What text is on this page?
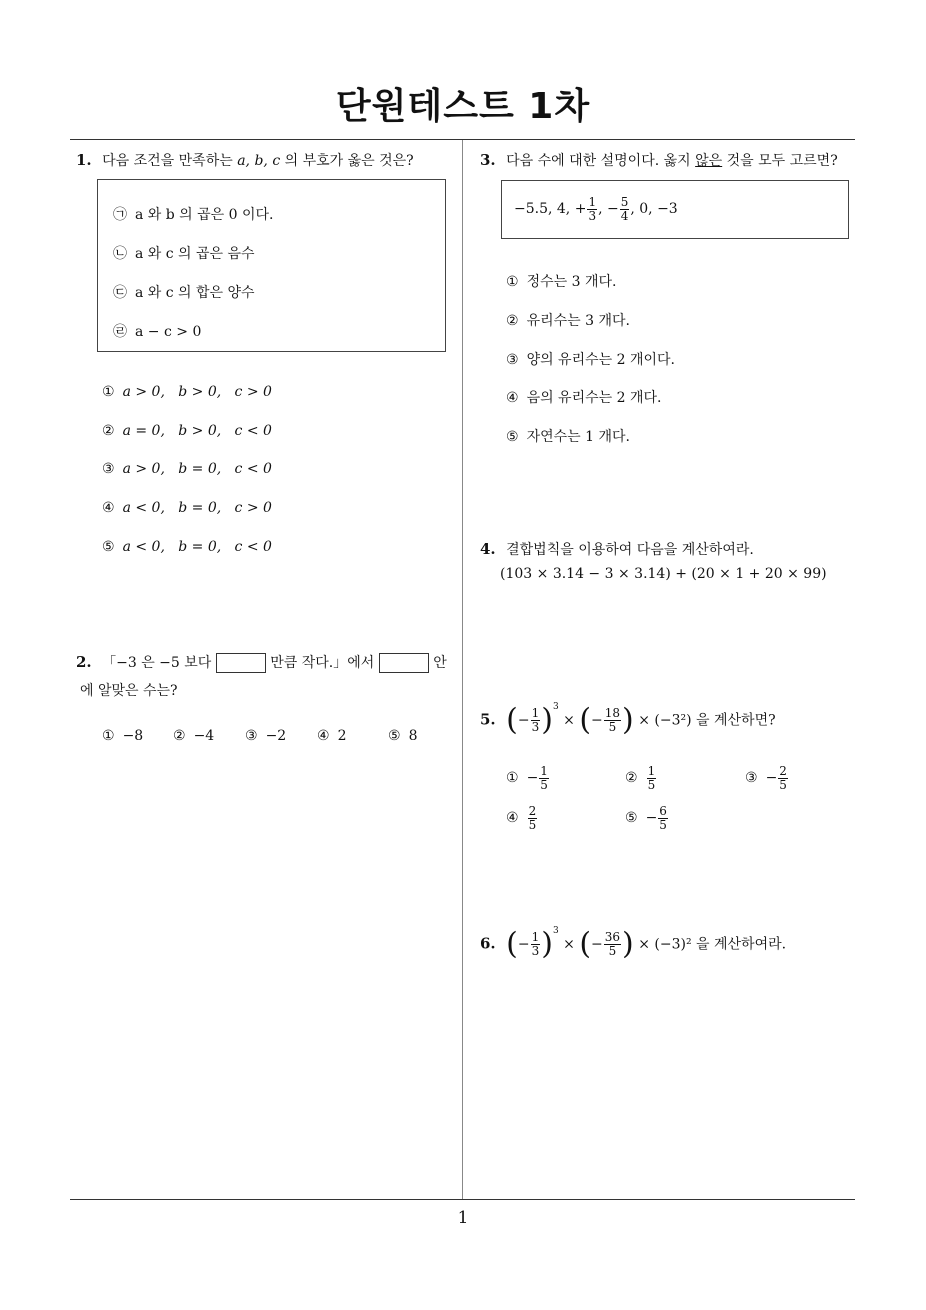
단원테스트 1차
1
1. 다음 조건을 만족하는 a, b, c 의 부호가 옳은 것은?
㉠ a 와 b 의 곱은 0 이다.
㉡ a 와 c 의 곱은 음수
㉢ a 와 c 의 합은 양수
㉣ a − c > 0
① a > 0,   b > 0,   c > 0
② a = 0,   b > 0,   c < 0
③ a > 0,   b = 0,   c < 0
④ a < 0,   b = 0,   c > 0
⑤ a < 0,   b = 0,   c < 0
2. 「−3 은 −5 보다	만큼 작다.」에서	안
에 알맞은 수는?
① −8 ② −4 ③ −2 ④ 2	⑤ 8
3. 다음 수에 대한 설명이다. 옳지 않은 것을 모두 고르면?
−5.5, 4, + $\frac{1}{3}$ , − $\frac{5}{4}$ , 0, −3
① 정수는 3 개다.
② 유리수는 3 개다.
③ 양의 유리수는 2 개이다.
④ 음의 유리수는 2 개다.
⑤ 자연수는 1 개다.
4. 결합법칙을 이용하여 다음을 계산하여라.
(103 × 3.14 − 3 × 3.14) + (20 × 1 + 20 × 99)
5. (− $\frac{1}{3} )^3$ × (− $\frac{18}{5}$ ) × (−3²) 을 계산하면?
① − $\frac{1}{5}$	② $\frac{1}{5}$	③ − $\frac{2}{5}$
④ $\frac{2}{5}$	⑤ − $\frac{6}{5}$
6. (− $\frac{1}{3} )^3$ × (− $\frac{36}{5}$ ) × (−3)² 을 계산하여라.
